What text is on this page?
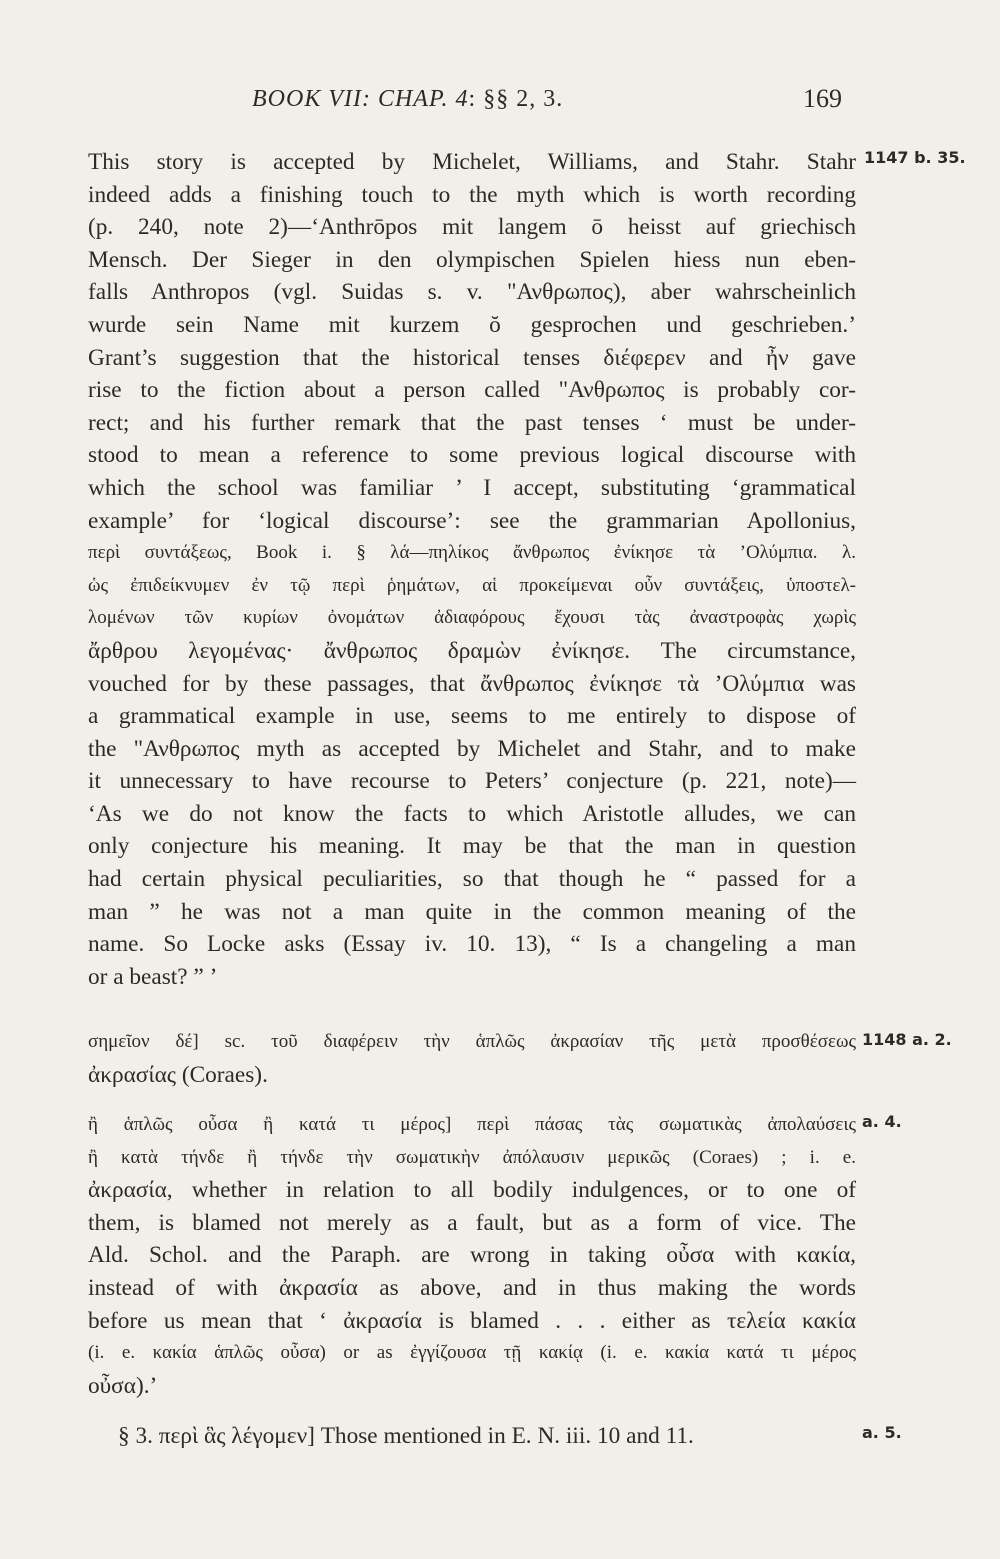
BOOK VII: CHAP. 4: §§ 2, 3.	169
This story is accepted by Michelet, Williams, and Stahr. Stahr
indeed adds a finishing touch to the myth which is worth recording
(p. 240, note 2)—‘Anthrōpos mit langem ō heisst auf griechisch
Mensch. Der Sieger in den olympischen Spielen hiess nun eben-
falls Anthropos (vgl. Suidas s. v. "Ανθρωπος), aber wahrscheinlich
wurde sein Name mit kurzem ŏ gesprochen und geschrieben.’
Grant’s suggestion that the historical tenses διέφερεν and ἦν gave
rise to the fiction about a person called "Ανθρωπος is probably cor-
rect; and his further remark that the past tenses ‘ must be under-
stood to mean a reference to some previous logical discourse with
which the school was familiar ’ I accept, substituting ‘grammatical
example’ for ‘logical discourse’: see the grammarian Apollonius,
περὶ συντάξεως, Book i. § λά—πηλίκος ἄνθρωπος ἐνίκησε τὰ ’Ολύμπια. λ.
ὡς ἐπιδείκνυμεν ἐν τῷ περὶ ῥημάτων, αἱ προκείμεναι οὖν συντάξεις, ὑποστελ-
λομένων τῶν κυρίων ὀνομάτων ἀδιαφόρους ἔχουσι τὰς ἀναστροφὰς χωρὶς
ἄρθρου λεγομένας· ἄνθρωπος δραμὼν ἐνίκησε. The circumstance,
vouched for by these passages, that ἄνθρωπος ἐνίκησε τὰ ’Ολύμπια was
a grammatical example in use, seems to me entirely to dispose of
the "Ανθρωπος myth as accepted by Michelet and Stahr, and to make
it unnecessary to have recourse to Peters’ conjecture (p. 221, note)—
‘As we do not know the facts to which Aristotle alludes, we can
only conjecture his meaning. It may be that the man in question
had certain physical peculiarities, so that though he “ passed for a
man ” he was not a man quite in the common meaning of the
name. So Locke asks (Essay iv. 10. 13), “ Is a changeling a man
or a beast? ” ’
σημεῖον δέ] sc. τοῦ διαφέρειν τὴν ἁπλῶς ἀκρασίαν τῆς μετὰ προσθέσεως
ἀκρασίας (Coraes).
ἢ ἁπλῶς οὖσα ἢ κατά τι μέρος] περὶ πάσας τὰς σωματικὰς ἀπολαύσεις
ἢ κατὰ τήνδε ἢ τήνδε τὴν σωματικὴν ἀπόλαυσιν μερικῶς (Coraes) ; i. e.
ἀκρασία, whether in relation to all bodily indulgences, or to one of
them, is blamed not merely as a fault, but as a form of vice. The
Ald. Schol. and the Paraph. are wrong in taking οὖσα with κακία,
instead of with ἀκρασία as above, and in thus making the words
before us mean that ‘ ἀκρασία is blamed . . . either as τελεία κακία
(i. e. κακία ἁπλῶς οὖσα) or as ἐγγίζουσα τῇ κακίᾳ (i. e. κακία κατά τι μέρος
οὖσα).’
§ 3. περὶ ἃς λέγομεν] Those mentioned in E. N. iii. 10 and 11.
1147 b. 35.
1148 a. 2.
a. 4.
a. 5.
